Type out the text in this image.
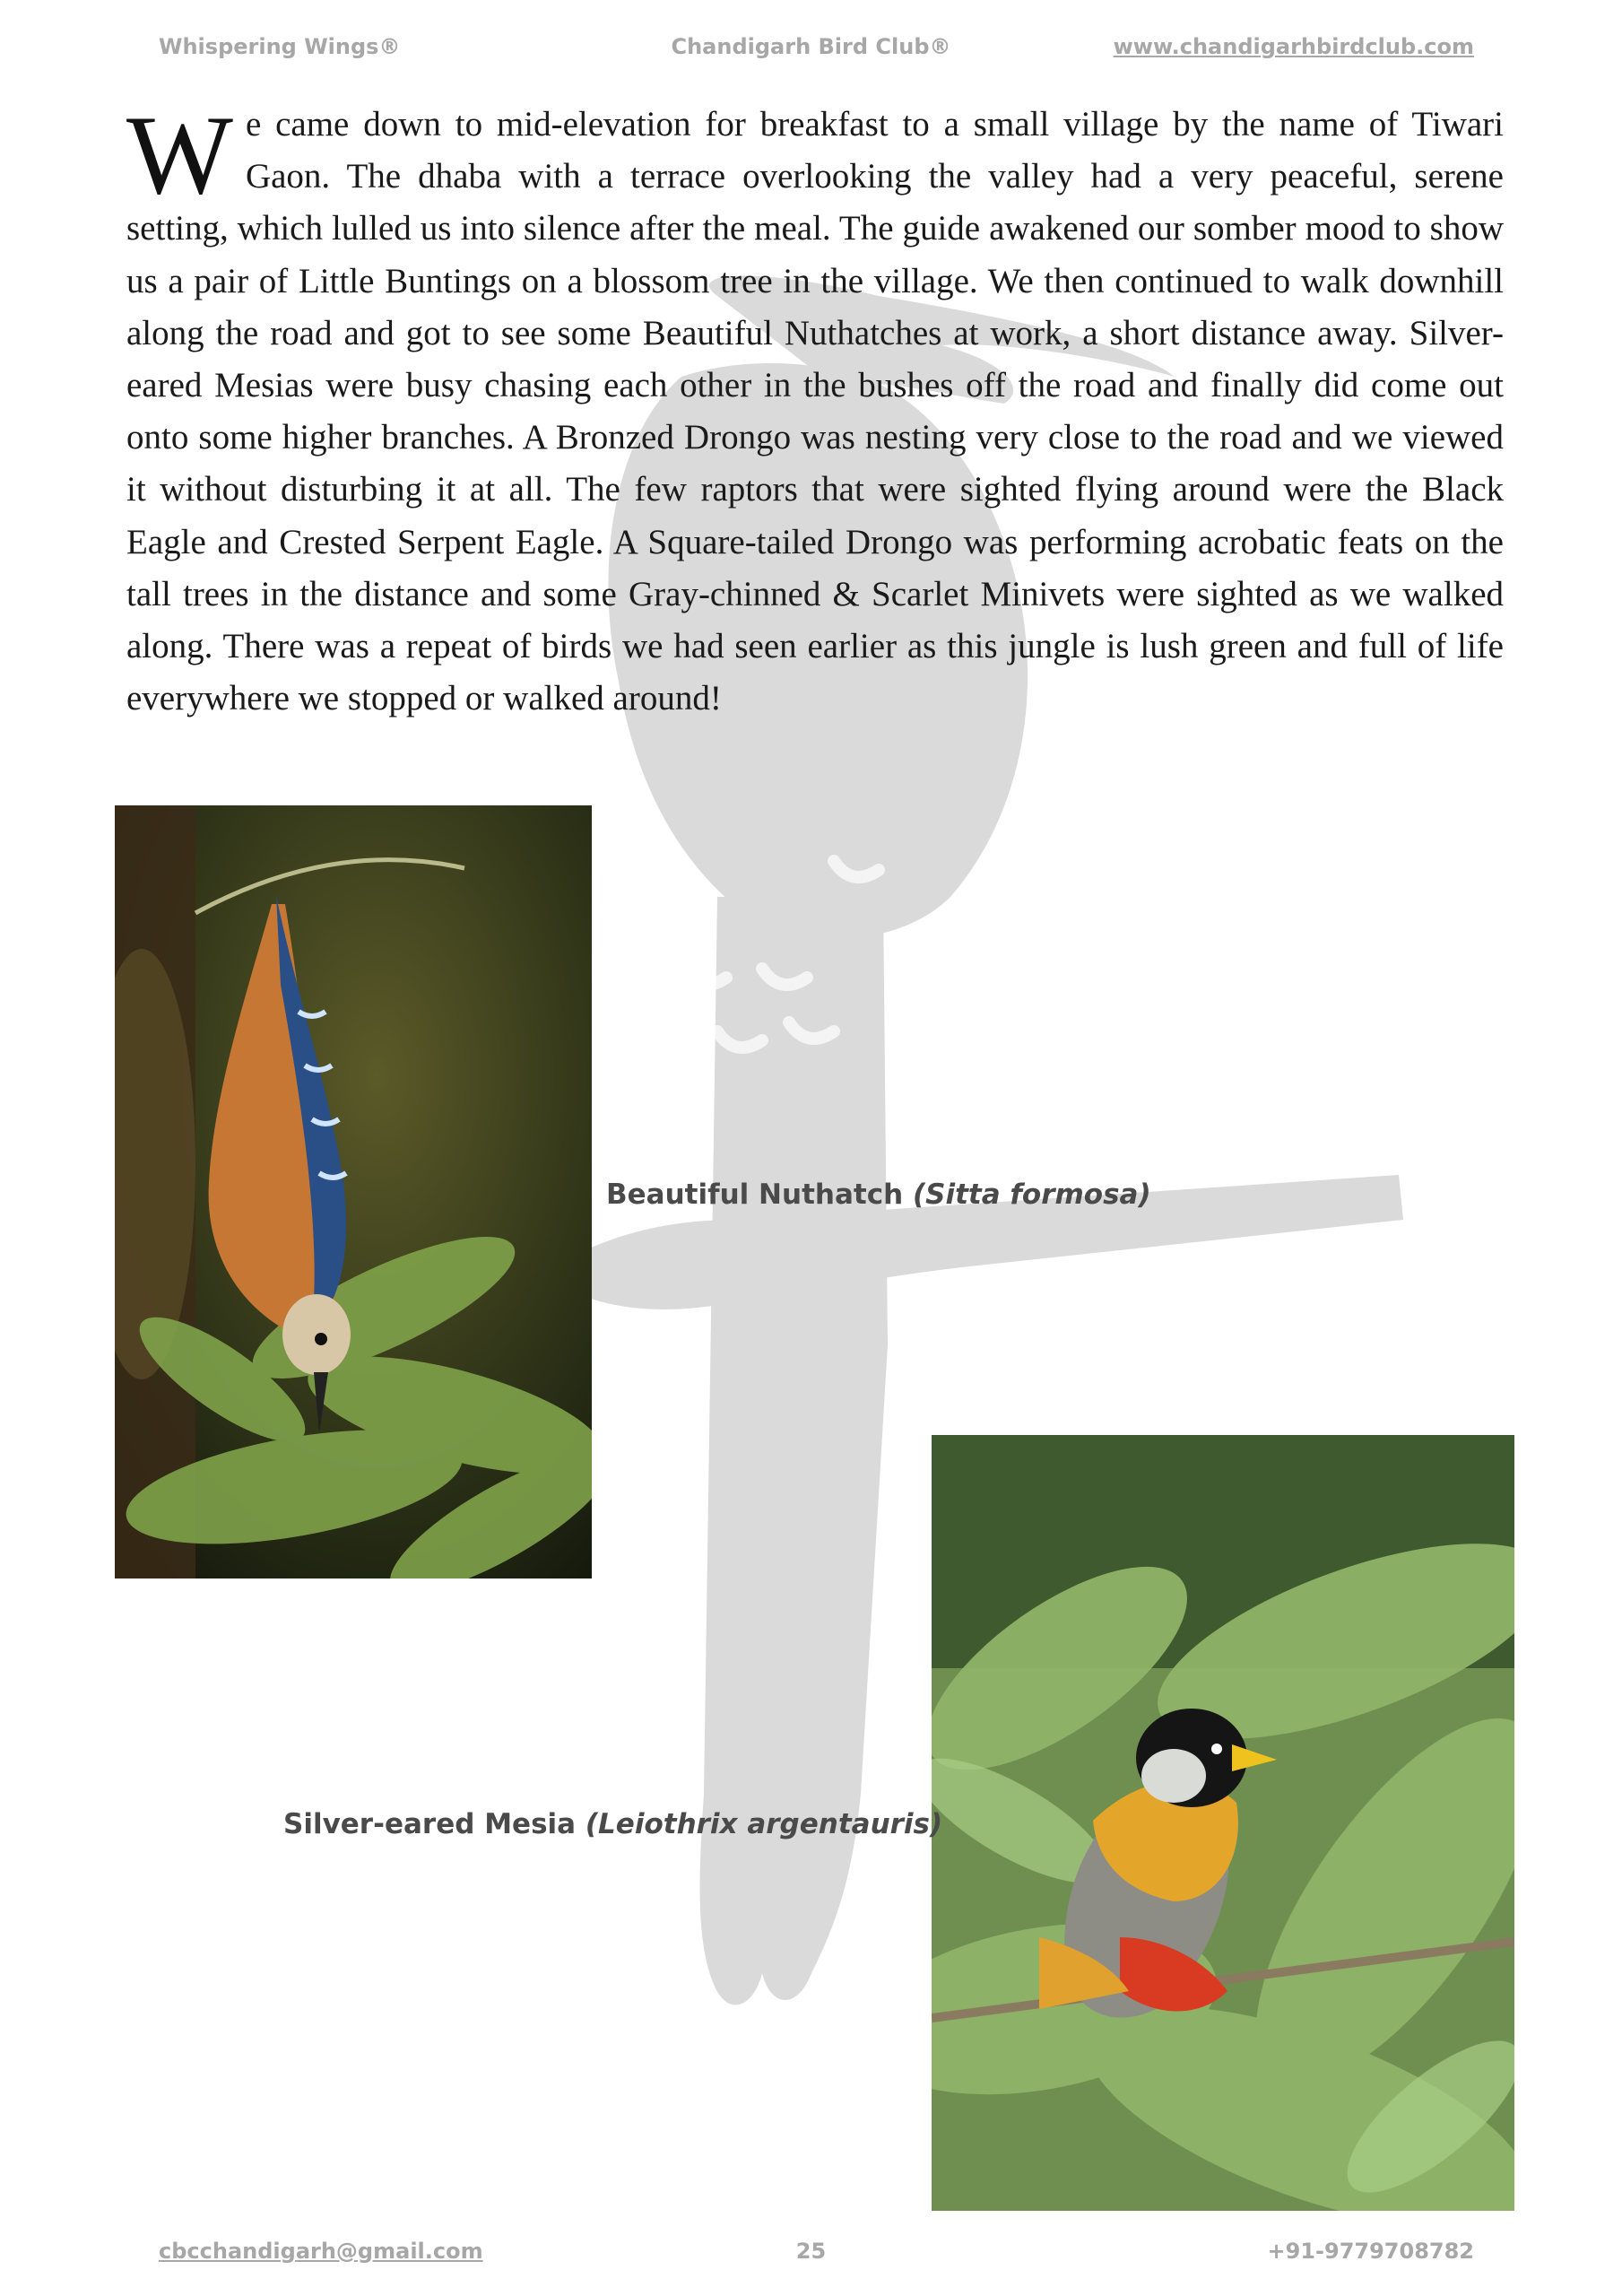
Whispering Wings®	Chandigarh Bird Club®	www.chandigarhbirdclub.com
We came down to mid-elevation for breakfast to a small village by the name of Tiwari Gaon. The dhaba with a terrace overlooking the valley had a very peaceful, serene setting, which lulled us into silence after the meal. The guide awakened our somber mood to show us a pair of Little Buntings on a blossom tree in the village. We then continued to walk downhill along the road and got to see some Beautiful Nuthatches at work, a short distance away. Silver-eared Mesias were busy chasing each other in the bushes off the road and finally did come out onto some higher branches. A Bronzed Drongo was nesting very close to the road and we viewed it without disturbing it at all. The few raptors that were sighted flying around were the Black Eagle and Crested Serpent Eagle. A Square-tailed Drongo was performing acrobatic feats on the tall trees in the distance and some Gray-chinned & Scarlet Minivets were sighted as we walked along. There was a repeat of birds we had seen earlier as this jungle is lush green and full of life everywhere we stopped or walked around!
Beautiful Nuthatch (Sitta formosa)
Silver-eared Mesia (Leiothrix argentauris)
cbcchandigarh@gmail.com	25	+91-9779708782
